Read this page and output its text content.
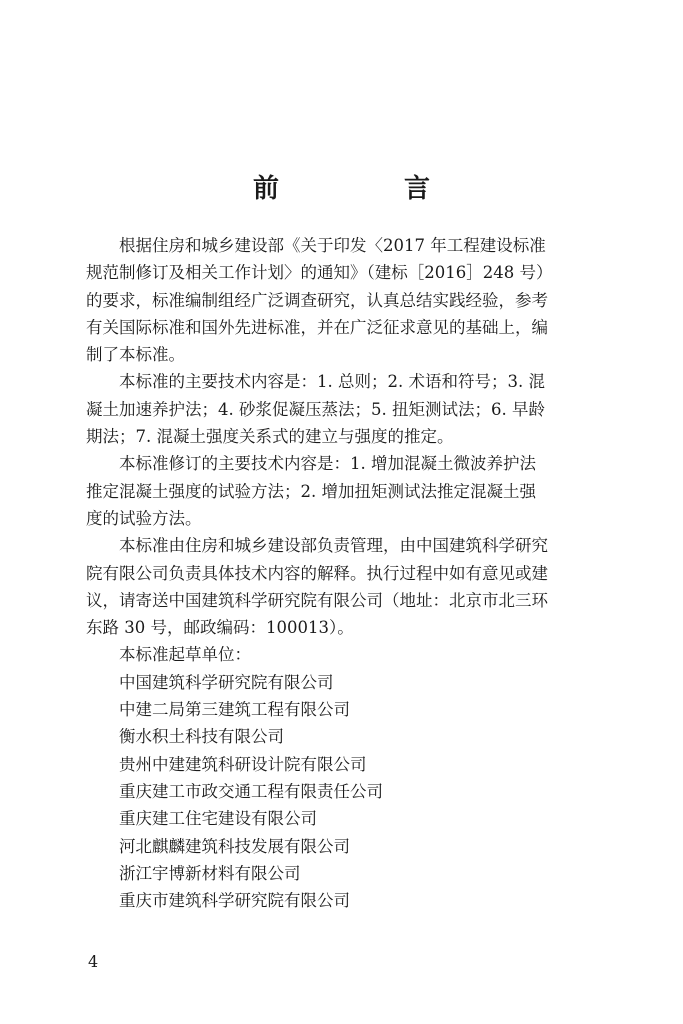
前 言

　　根据住房和城乡建设部《关于印发〈2017 年工程建设标准

规范制修订及相关工作计划〉的通知》（建标［2016］248 号）

的要求，标准编制组经广泛调查研究，认真总结实践经验，参考

有关国际标准和国外先进标准，并在广泛征求意见的基础上，编

制了本标准。

　　本标准的主要技术内容是：1. 总则；2. 术语和符号；3. 混

凝土加速养护法；4. 砂浆促凝压蒸法；5. 扭矩测试法；6. 早龄

期法；7. 混凝土强度关系式的建立与强度的推定。

　　本标准修订的主要技术内容是：1. 增加混凝土微波养护法

推定混凝土强度的试验方法；2. 增加扭矩测试法推定混凝土强

度的试验方法。

　　本标准由住房和城乡建设部负责管理，由中国建筑科学研究

院有限公司负责具体技术内容的解释。执行过程中如有意见或建

议，请寄送中国建筑科学研究院有限公司（地址：北京市北三环

东路 30 号，邮政编码：100013）。

本标准起草单位：

中国建筑科学研究院有限公司

中建二局第三建筑工程有限公司

衡水积土科技有限公司

贵州中建建筑科研设计院有限公司

重庆建工市政交通工程有限责任公司

重庆建工住宅建设有限公司

河北麒麟建筑科技发展有限公司

浙江宇博新材料有限公司

重庆市建筑科学研究院有限公司

4
